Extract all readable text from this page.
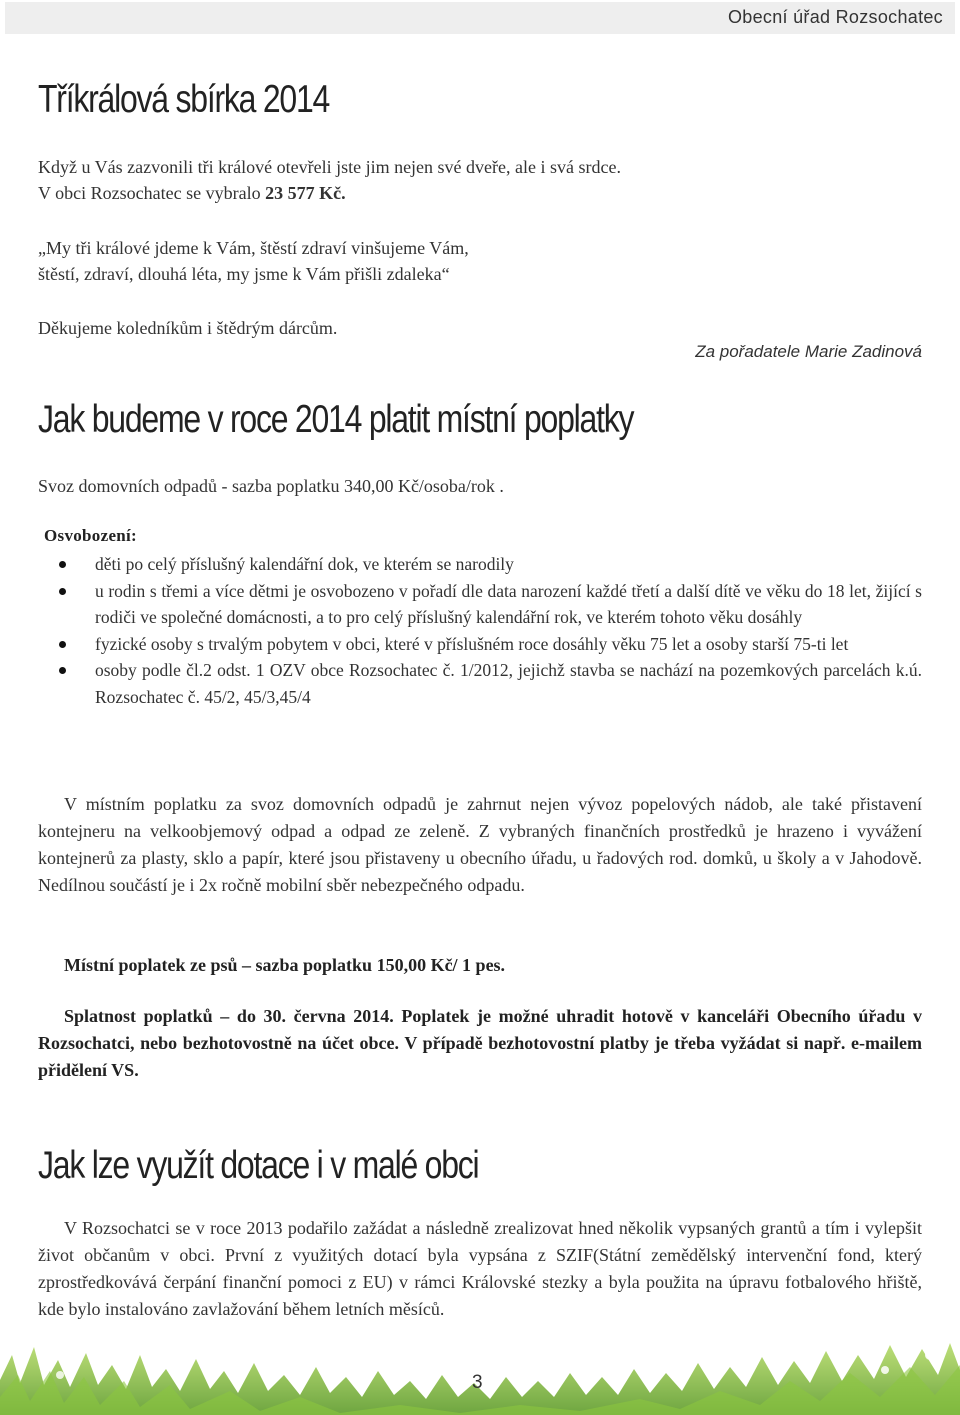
Obecní úřad Rozsochatec
Tříkrálová sbírka 2014

Když u Vás zazvonili tři králové otevřeli jste jim nejen své dveře, ale i svá srdce.

V obci Rozsochatec se vybralo 23 577 Kč.

„My tři králové jdeme k Vám, štěstí zdraví vinšujeme Vám,

štěstí, zdraví, dlouhá léta, my jsme k Vám přišli zdaleka“

Děkujeme koledníkům i štědrým dárcům.

Za pořadatele Marie Zadinová
Jak budeme v roce 2014 platit místní poplatky

Svoz domovních odpadů - sazba poplatku 340,00 Kč/osoba/rok .

Osvobození:
děti po celý příslušný kalendářní dok, ve kterém se narodily
u rodin s třemi a více dětmi je osvobozeno v pořadí dle data narození každé třetí a další dítě ve věku do 18 let, žijící s rodiči ve společné domácnosti, a to pro celý příslušný kalendářní rok, ve kterém tohoto věku dosáhly
fyzické osoby s trvalým pobytem v obci, které v příslušném roce dosáhly věku 75 let a osoby starší 75-ti let
osoby podle čl.2 odst. 1 OZV obce Rozsochatec č. 1/2012, jejichž stavba se nachází na pozemkových parcelách k.ú. Rozsochatec č. 45/2, 45/3,45/4

V místním poplatku za svoz domovních odpadů je zahrnut nejen vývoz popelových nádob, ale také přistavení kontejneru na velkoobjemový odpad a odpad ze zeleně. Z vybraných finančních prostředků je hrazeno i vyvážení kontejnerů za plasty, sklo a papír, které jsou přistaveny u obecního úřadu, u řadových rod. domků, u školy a v Jahodově. Nedílnou součástí je i 2x ročně mobilní sběr nebezpečného odpadu.

Místní poplatek ze psů – sazba poplatku 150,00 Kč/ 1 pes.

Splatnost poplatků – do 30. června 2014. Poplatek je možné uhradit hotově v kanceláři Obecního úřadu v Rozsochatci, nebo bezhotovostně na účet obce. V případě bezhotovostní platby je třeba vyžádat si např. e-mailem přidělení VS.

Jak lze využít dotace i v malé obci

V Rozsochatci se v roce 2013 podařilo zažádat a následně zrealizovat hned několik vypsaných grantů a tím i vylepšit život občanům v obci. První z využitých dotací byla vypsána z SZIF(Státní zemědělský intervenční fond, který zprostředkovává čerpání finanční pomoci z EU) v rámci Královské stezky a byla použita na úpravu fotbalového hřiště, kde bylo instalováno zavlažování během letních měsíců.

3
